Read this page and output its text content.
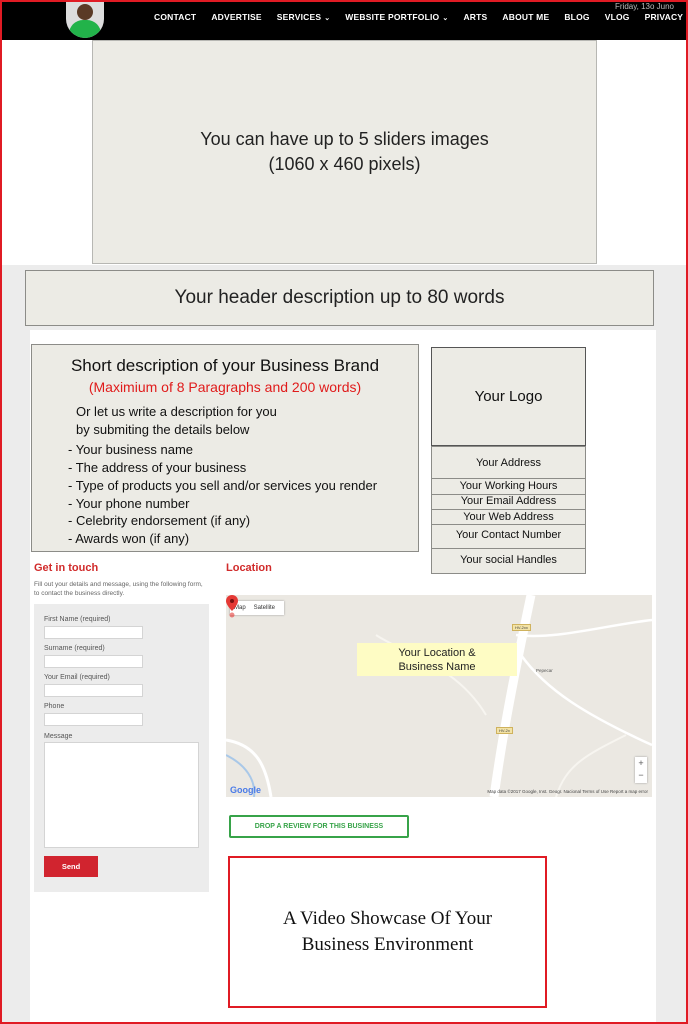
Friday, 13o Juno
CONTACT ADVERTISE SERVICES ⌄ WEBSITE PORTFOLIO ⌄ ARTS ABOUT ME BLOG VLOG PRIVACY
You can have up to 5 sliders images
(1060 x 460 pixels)
Your header description up to 80 words
Short description of your Business Brand
(Maximium of 8 Paragraphs and 200 words)
Or let us write a description for you
by submiting the details below
- Your business name
- The address of your business
- Type of products you sell and/or services you render
- Your phone number
- Celebrity endorsement (if any)
- Awards won (if any)
Your Logo
Your Address
Your Working Hours
Your Email Address
Your Web Address
Your Contact Number
Your social Handles
Get in touch
Fill out your details and message, using the following form, to contact the business directly.
First Name (required)
Surname (required)
Your Email (required)
Phone
Message
Send
Location
Map	Satellite
HV-2xx
HV-2x
Pepecar
Your Location &
Business Name
+
−
Google	Map data ©2017 Google, Inst. Geogr. Nacional Terms of Use Report a map error
DROP A REVIEW FOR THIS BUSINESS
A Video Showcase Of Your
Business Environment
